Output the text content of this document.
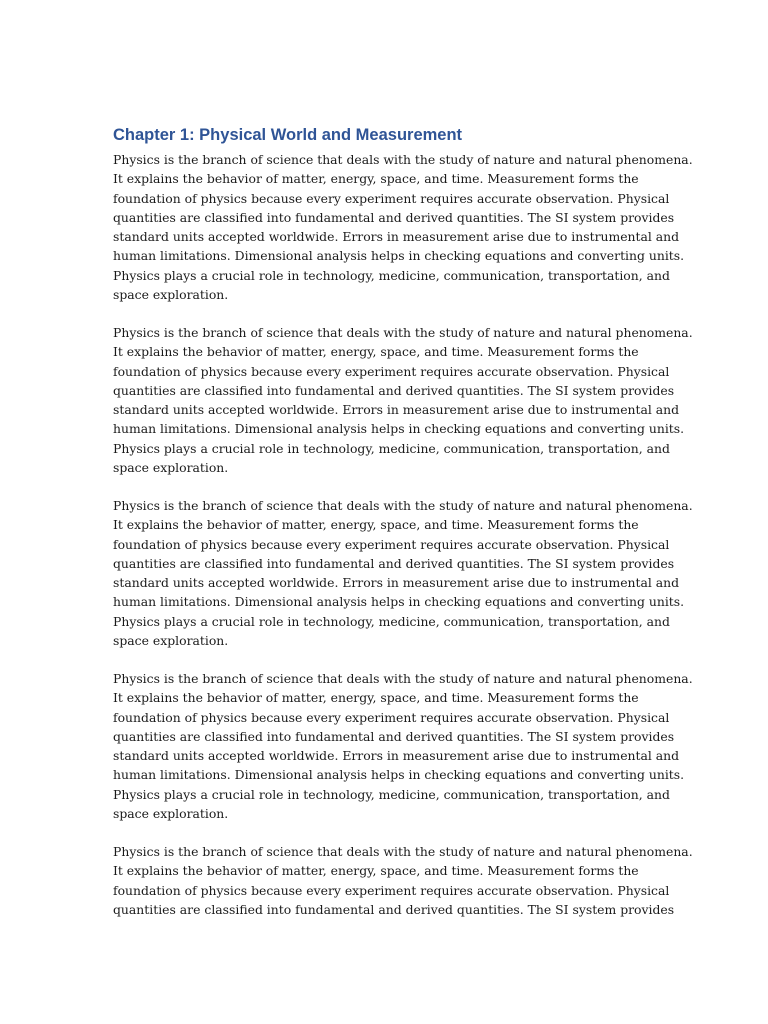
Chapter 1: Physical World and Measurement

Physics is the branch of science that deals with the study of nature and natural phenomena.
It explains the behavior of matter, energy, space, and time. Measurement forms the
foundation of physics because every experiment requires accurate observation. Physical
quantities are classified into fundamental and derived quantities. The SI system provides
standard units accepted worldwide. Errors in measurement arise due to instrumental and
human limitations. Dimensional analysis helps in checking equations and converting units.
Physics plays a crucial role in technology, medicine, communication, transportation, and
space exploration.

Physics is the branch of science that deals with the study of nature and natural phenomena.
It explains the behavior of matter, energy, space, and time. Measurement forms the
foundation of physics because every experiment requires accurate observation. Physical
quantities are classified into fundamental and derived quantities. The SI system provides
standard units accepted worldwide. Errors in measurement arise due to instrumental and
human limitations. Dimensional analysis helps in checking equations and converting units.
Physics plays a crucial role in technology, medicine, communication, transportation, and
space exploration.

Physics is the branch of science that deals with the study of nature and natural phenomena.
It explains the behavior of matter, energy, space, and time. Measurement forms the
foundation of physics because every experiment requires accurate observation. Physical
quantities are classified into fundamental and derived quantities. The SI system provides
standard units accepted worldwide. Errors in measurement arise due to instrumental and
human limitations. Dimensional analysis helps in checking equations and converting units.
Physics plays a crucial role in technology, medicine, communication, transportation, and
space exploration.

Physics is the branch of science that deals with the study of nature and natural phenomena.
It explains the behavior of matter, energy, space, and time. Measurement forms the
foundation of physics because every experiment requires accurate observation. Physical
quantities are classified into fundamental and derived quantities. The SI system provides
standard units accepted worldwide. Errors in measurement arise due to instrumental and
human limitations. Dimensional analysis helps in checking equations and converting units.
Physics plays a crucial role in technology, medicine, communication, transportation, and
space exploration.

Physics is the branch of science that deals with the study of nature and natural phenomena.
It explains the behavior of matter, energy, space, and time. Measurement forms the
foundation of physics because every experiment requires accurate observation. Physical
quantities are classified into fundamental and derived quantities. The SI system provides
